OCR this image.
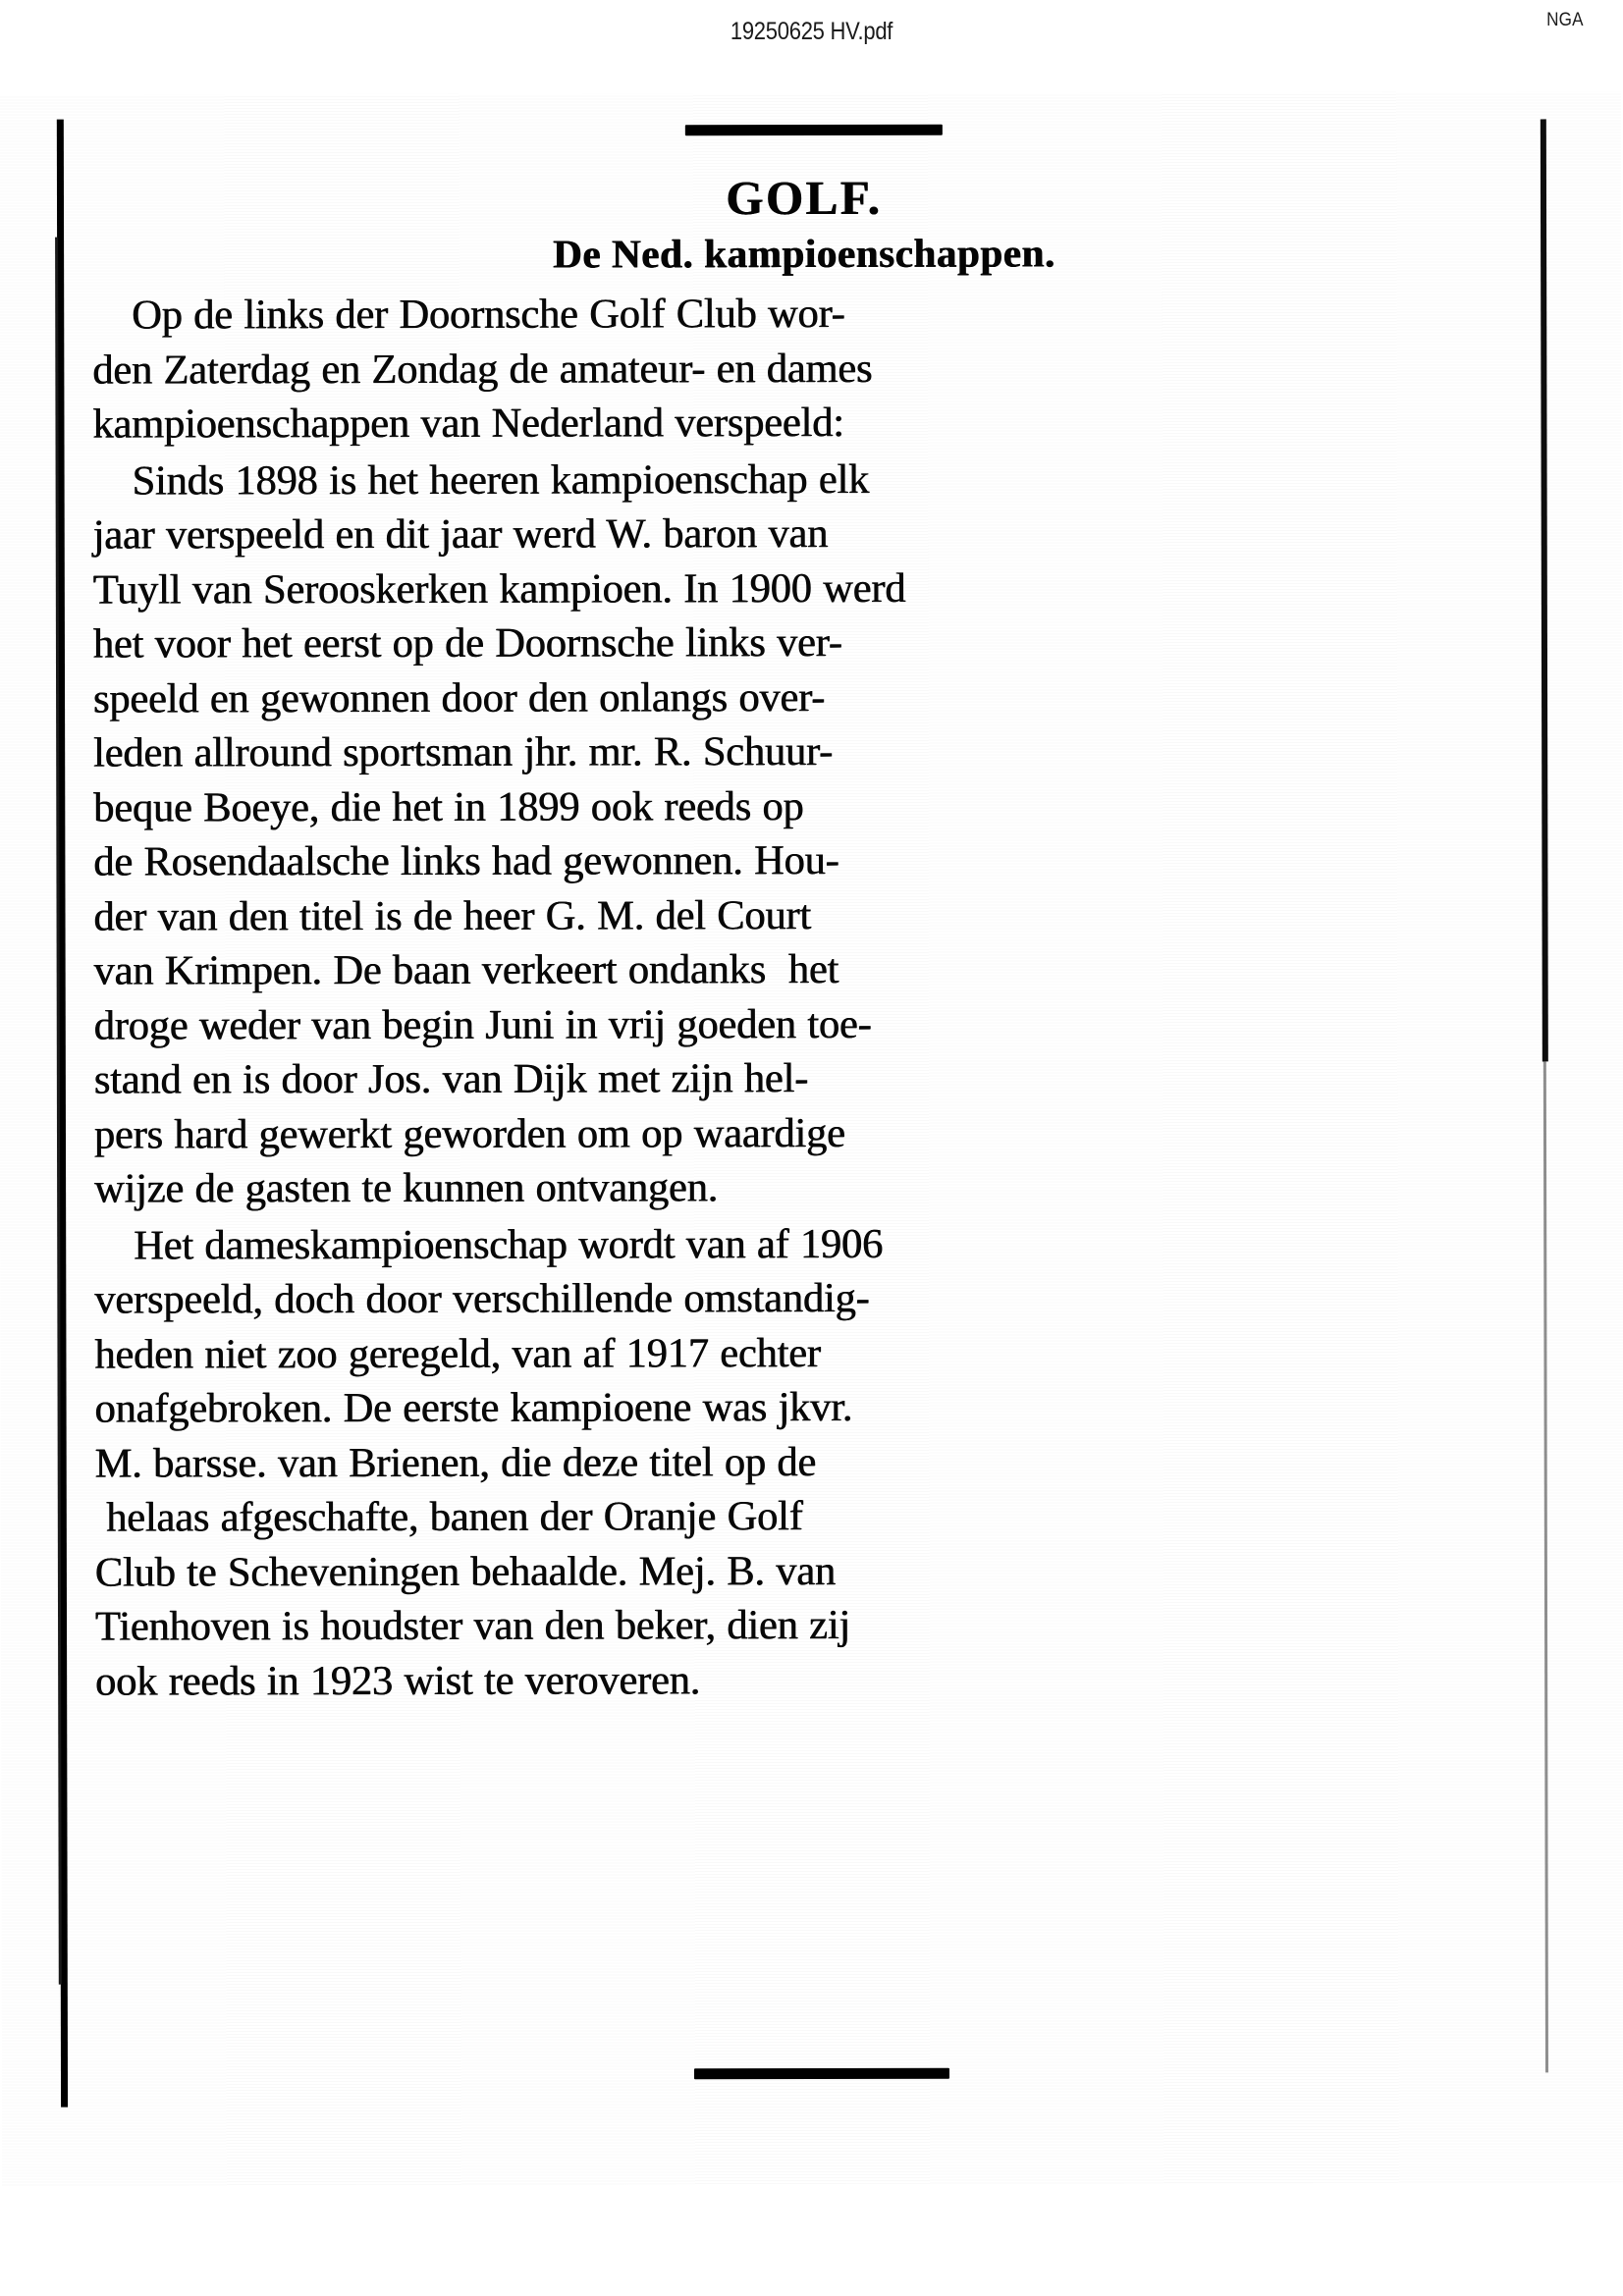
19250625 HV.pdf	NGA
GOLF.
De Ned. kampioenschappen.
Op de links der Doornsche Golf Club wor-
den Zaterdag en Zondag de amateur- en dames
kampioenschappen van Nederland verspeeld:
Sinds 1898 is het heeren kampioenschap elk
jaar verspeeld en dit jaar werd W. baron van
Tuyll van Serooskerken kampioen. In 1900 werd
het voor het eerst op de Doornsche links ver-
speeld en gewonnen door den onlangs over-
leden allround sportsman jhr. mr. R. Schuur-
beque Boeye, die het in 1899 ook reeds op
de Rosendaalsche links had gewonnen. Hou-
der van den titel is de heer G. M. del Court
van Krimpen. De baan verkeert ondanks  het
droge weder van begin Juni in vrij goeden toe-
stand en is door Jos. van Dijk met zijn hel-
pers hard gewerkt geworden om op waardige
wijze de gasten te kunnen ontvangen.
Het dameskampioenschap wordt van af 1906
verspeeld, doch door verschillende omstandig-
heden niet zoo geregeld, van af 1917 echter
onafgebroken. De eerste kampioene was jkvr.
M. barsse. van Brienen, die deze titel op de
helaas afgeschafte, banen der Oranje Golf
Club te Scheveningen behaalde. Mej. B. van
Tienhoven is houdster van den beker, dien zij
ook reeds in 1923 wist te veroveren.
